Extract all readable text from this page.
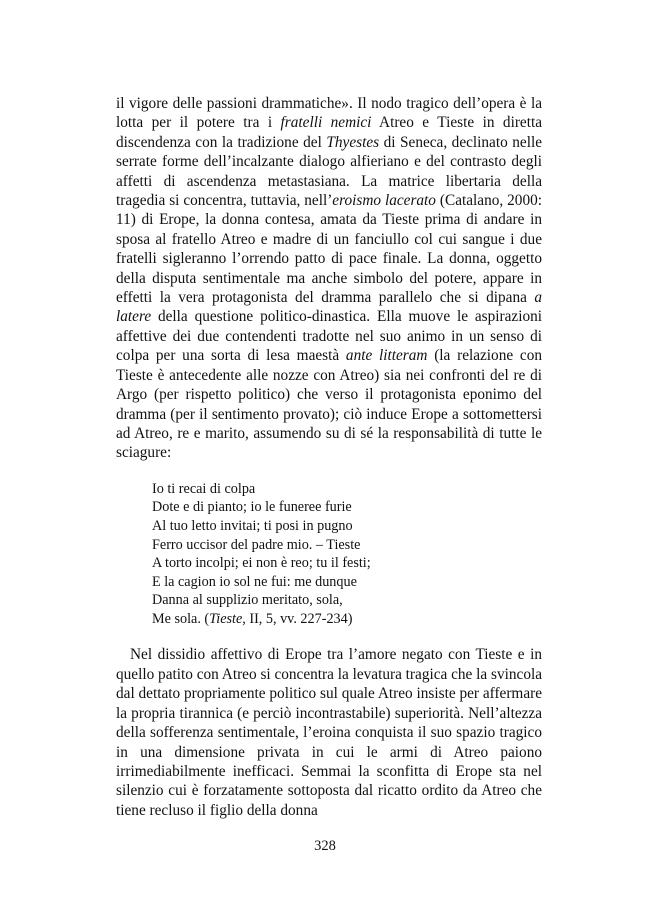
il vigore delle passioni drammatiche». Il nodo tragico dell’opera è la lotta per il potere tra i fratelli nemici Atreo e Tieste in diretta discendenza con la tradizione del Thyestes di Seneca, declinato nelle serrate forme dell’incalzante dialogo alfieriano e del contrasto degli affetti di ascendenza metastasiana. La matrice libertaria della tragedia si concentra, tuttavia, nell’eroismo lacerato (Catalano, 2000: 11) di Erope, la donna contesa, amata da Tieste prima di andare in sposa al fratello Atreo e madre di un fanciullo col cui sangue i due fratelli sigleranno l’orrendo patto di pace finale. La donna, oggetto della disputa sentimentale ma anche simbolo del potere, appare in effetti la vera protagonista del dramma parallelo che si dipana a latere della questione politico-dinastica. Ella muove le aspirazioni affettive dei due contendenti tradotte nel suo animo in un senso di colpa per una sorta di lesa maestà ante litteram (la relazione con Tieste è antecedente alle nozze con Atreo) sia nei confronti del re di Argo (per rispetto politico) che verso il protagonista eponimo del dramma (per il sentimento provato); ciò induce Erope a sottomettersi ad Atreo, re e marito, assumendo su di sé la responsabilità di tutte le sciagure:

Io ti recai di colpa
Dote e di pianto; io le funeree furie
Al tuo letto invitai; ti posi in pugno
Ferro uccisor del padre mio. – Tieste
A torto incolpi; ei non è reo; tu il festi;
E la cagion io sol ne fui: me dunque
Danna al supplizio meritato, sola,
Me sola. (Tieste, II, 5, vv. 227-234)

Nel dissidio affettivo di Erope tra l’amore negato con Tieste e in quello patito con Atreo si concentra la levatura tragica che la svincola dal dettato propriamente politico sul quale Atreo insiste per affermare la propria tirannica (e perciò incontrastabile) superiorità. Nell’altezza della sofferenza sentimentale, l’eroina conquista il suo spazio tragico in una dimensione privata in cui le armi di Atreo paiono irrimediabilmente inefficaci. Semmai la sconfitta di Erope sta nel silenzio cui è forzatamente sottoposta dal ricatto ordito da Atreo che tiene recluso il figlio della donna

328
